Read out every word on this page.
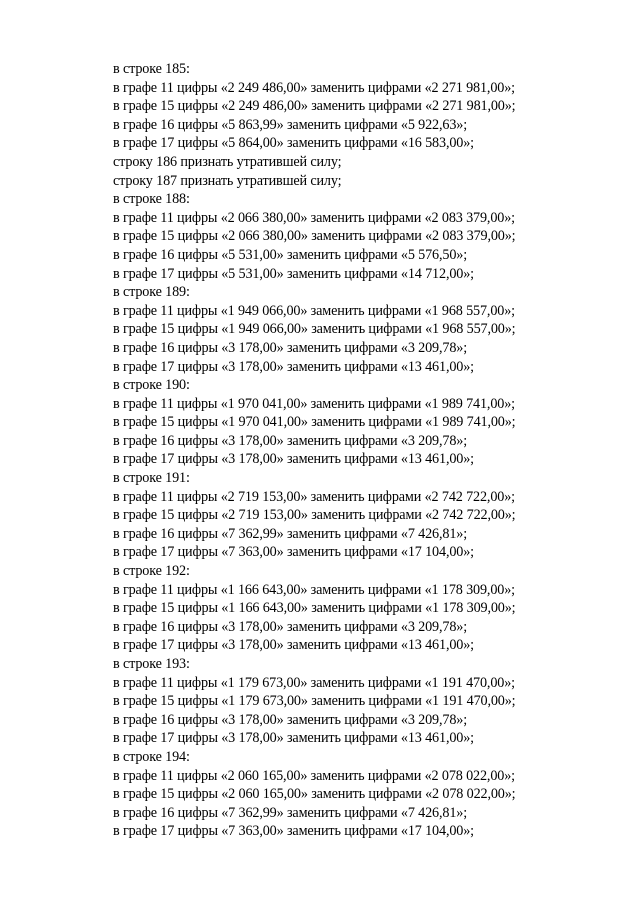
в строке 185:
в графе 11 цифры «2 249 486,00» заменить цифрами «2 271 981,00»;
в графе 15 цифры «2 249 486,00» заменить цифрами «2 271 981,00»;
в графе 16 цифры «5 863,99» заменить цифрами «5 922,63»;
в графе 17 цифры «5 864,00» заменить цифрами «16 583,00»;
строку 186 признать утратившей силу;
строку 187 признать утратившей силу;
в строке 188:
в графе 11 цифры «2 066 380,00» заменить цифрами «2 083 379,00»;
в графе 15 цифры «2 066 380,00» заменить цифрами «2 083 379,00»;
в графе 16 цифры «5 531,00» заменить цифрами «5 576,50»;
в графе 17 цифры «5 531,00» заменить цифрами «14 712,00»;
в строке 189:
в графе 11 цифры «1 949 066,00» заменить цифрами «1 968 557,00»;
в графе 15 цифры «1 949 066,00» заменить цифрами «1 968 557,00»;
в графе 16 цифры «3 178,00» заменить цифрами «3 209,78»;
в графе 17 цифры «3 178,00» заменить цифрами «13 461,00»;
в строке 190:
в графе 11 цифры «1 970 041,00» заменить цифрами «1 989 741,00»;
в графе 15 цифры «1 970 041,00» заменить цифрами «1 989 741,00»;
в графе 16 цифры «3 178,00» заменить цифрами «3 209,78»;
в графе 17 цифры «3 178,00» заменить цифрами «13 461,00»;
в строке 191:
в графе 11 цифры «2 719 153,00» заменить цифрами «2 742 722,00»;
в графе 15 цифры «2 719 153,00» заменить цифрами «2 742 722,00»;
в графе 16 цифры «7 362,99» заменить цифрами «7 426,81»;
в графе 17 цифры «7 363,00» заменить цифрами «17 104,00»;
в строке 192:
в графе 11 цифры «1 166 643,00» заменить цифрами «1 178 309,00»;
в графе 15 цифры «1 166 643,00» заменить цифрами «1 178 309,00»;
в графе 16 цифры «3 178,00» заменить цифрами «3 209,78»;
в графе 17 цифры «3 178,00» заменить цифрами «13 461,00»;
в строке 193:
в графе 11 цифры «1 179 673,00» заменить цифрами «1 191 470,00»;
в графе 15 цифры «1 179 673,00» заменить цифрами «1 191 470,00»;
в графе 16 цифры «3 178,00» заменить цифрами «3 209,78»;
в графе 17 цифры «3 178,00» заменить цифрами «13 461,00»;
в строке 194:
в графе 11 цифры «2 060 165,00» заменить цифрами «2 078 022,00»;
в графе 15 цифры «2 060 165,00» заменить цифрами «2 078 022,00»;
в графе 16 цифры «7 362,99» заменить цифрами «7 426,81»;
в графе 17 цифры «7 363,00» заменить цифрами «17 104,00»;
